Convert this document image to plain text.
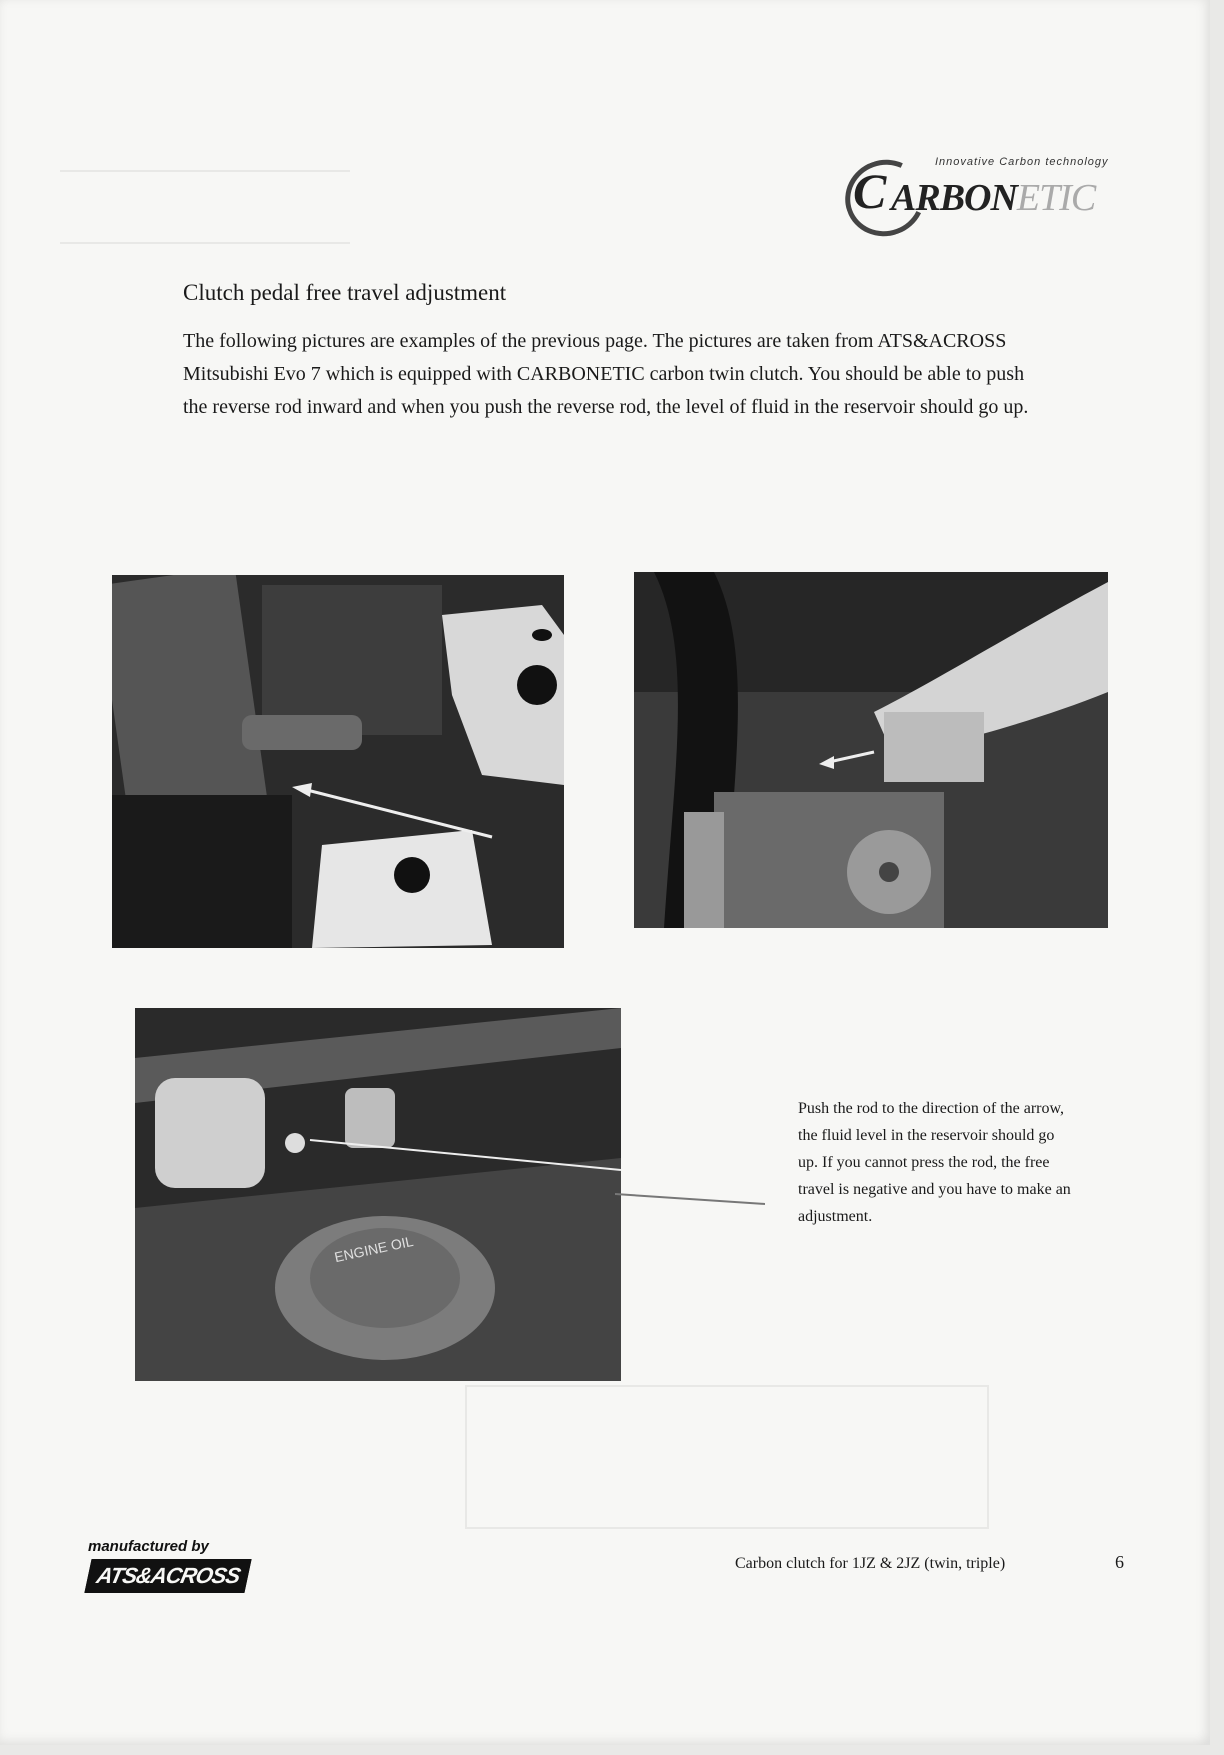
Innovative Carbon technology
C ARBONETIC
Clutch pedal free travel adjustment

The following pictures are examples of the previous page. The pictures are taken from ATS&ACROSS Mitsubishi Evo 7 which is equipped with CARBONETIC carbon twin clutch. You should be able to push the reverse rod inward and when you push the reverse rod, the level of fluid in the reservoir should go up.

ENGINE OIL

Push the rod to the direction of the arrow, the fluid level in the reservoir should go up. If you cannot press the rod, the free travel is negative and you have to make an adjustment.

manufactured by
ATS&ACROSS	Carbon clutch for 1JZ & 2JZ (twin, triple)	6
